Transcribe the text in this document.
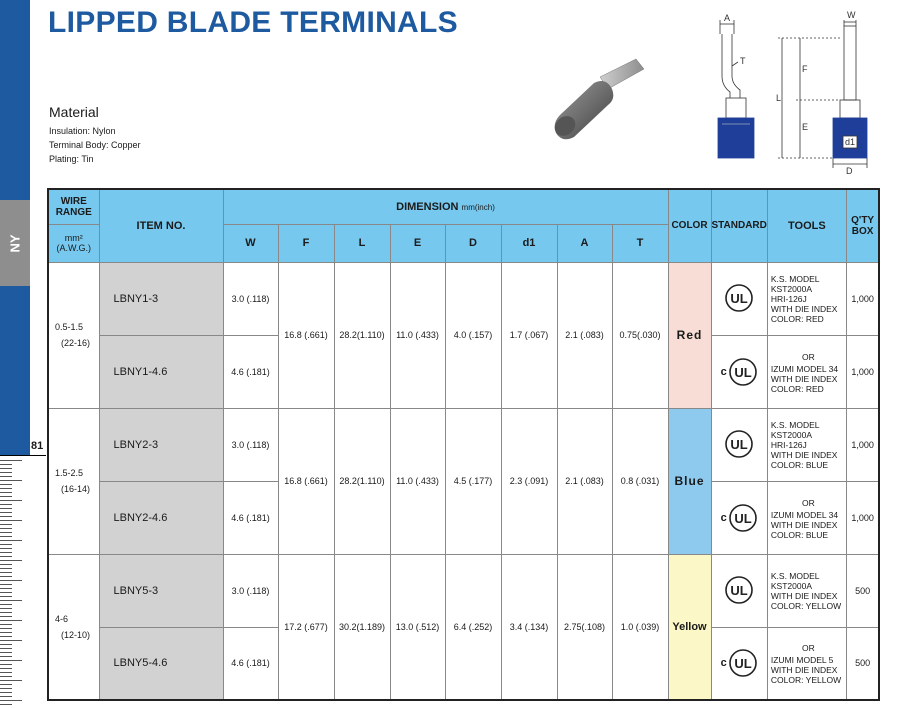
NY
81
LIPPED BLADE TERMINALS
Material
Insulation: Nylon
Terminal Body: Copper
Plating: Tin
A
T
W
F
L
E
d1
D
WIRE RANGE	ITEM NO.	DIMENSION mm(inch)								COLOR	STANDARD	TOOLS	Q'TY
BOX
mm²
(A.W.G.)		W	F	L	E	D	d1	A	T				
0.5-1.5
(22-16)	LBNY1-3	3.0 (.118)	16.8 (.661)	28.2(1.110)	11.0 (.433)	4.0 (.157)	1.7 (.067)	2.1 (.083)	0.75(.030)	Red	UL	K.S. MODEL
KST2000A
HRI-126J
WITH DIE INDEX
COLOR: RED	1,000
	LBNY1-4.6	4.6 (.181)									c UL	OR
IZUMI MODEL 34
WITH DIE INDEX
COLOR: RED	1,000
1.5-2.5
(16-14)	LBNY2-3	3.0 (.118)	16.8 (.661)	28.2(1.110)	11.0 (.433)	4.5 (.177)	2.3 (.091)	2.1 (.083)	0.8 (.031)	Blue	UL	K.S. MODEL
KST2000A
HRI-126J
WITH DIE INDEX
COLOR: BLUE	1,000
	LBNY2-4.6	4.6 (.181)									c UL	OR
IZUMI MODEL 34
WITH DIE INDEX
COLOR: BLUE	1,000
4-6
(12-10)	LBNY5-3	3.0 (.118)	17.2 (.677)	30.2(1.189)	13.0 (.512)	6.4 (.252)	3.4 (.134)	2.75(.108)	1.0 (.039)	Yellow	UL	K.S. MODEL
KST2000A
WITH DIE INDEX
COLOR: YELLOW	500
	LBNY5-4.6	4.6 (.181)									c UL	OR
IZUMI MODEL 5
WITH DIE INDEX
COLOR: YELLOW	500
